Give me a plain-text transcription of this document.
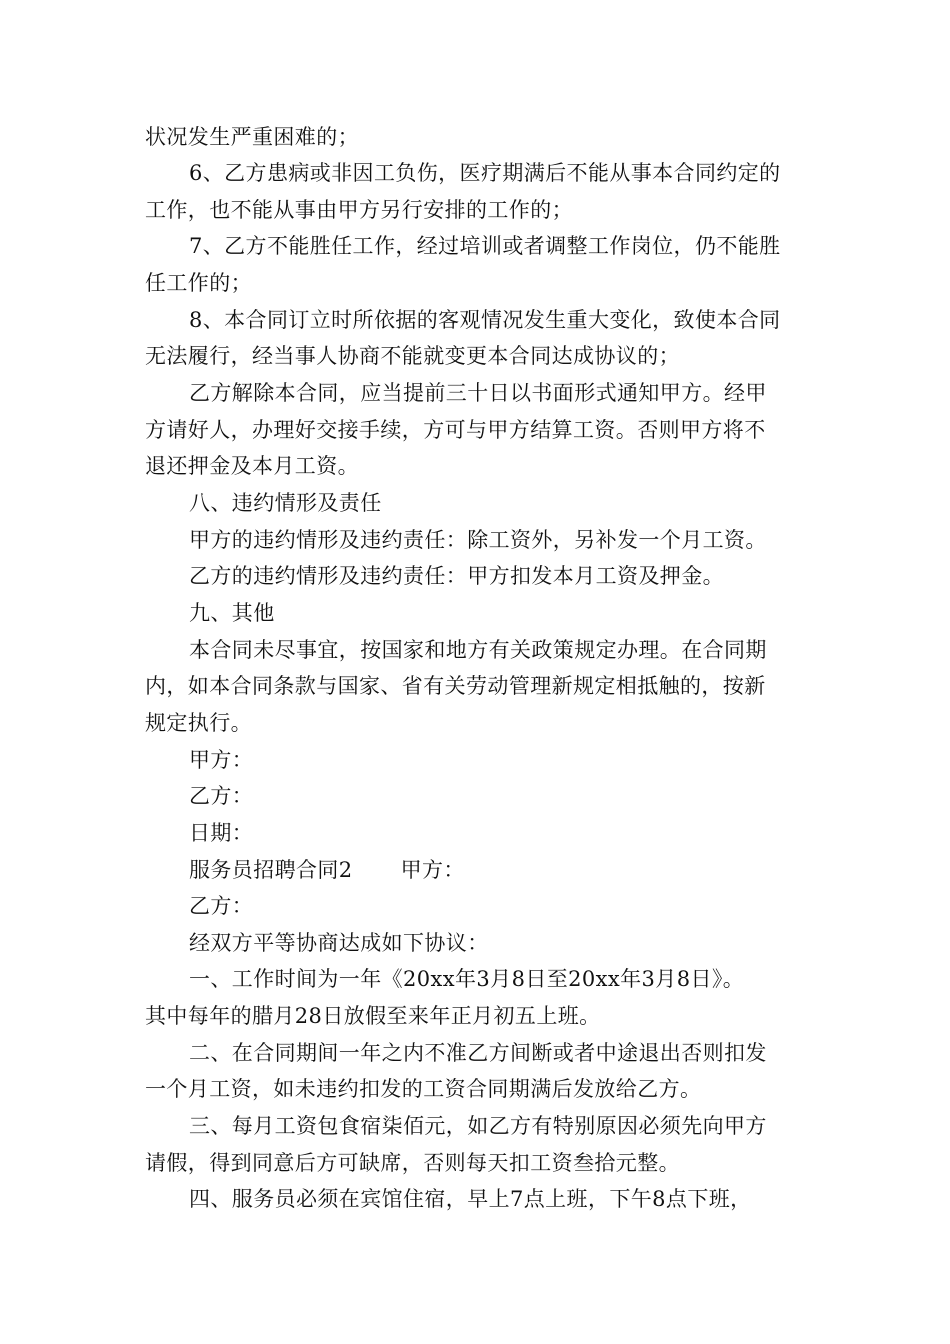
状况发生严重困难的；
6、乙方患病或非因工负伤，医疗期满后不能从事本合同约定的
工作，也不能从事由甲方另行安排的工作的；
7、乙方不能胜任工作，经过培训或者调整工作岗位，仍不能胜
任工作的；
8、本合同订立时所依据的客观情况发生重大变化，致使本合同
无法履行，经当事人协商不能就变更本合同达成协议的；
乙方解除本合同，应当提前三十日以书面形式通知甲方。经甲
方请好人，办理好交接手续，方可与甲方结算工资。否则甲方将不
退还押金及本月工资。
八、违约情形及责任
甲方的违约情形及违约责任：除工资外，另补发一个月工资。
乙方的违约情形及违约责任：甲方扣发本月工资及押金。
九、其他
本合同未尽事宜，按国家和地方有关政策规定办理。在合同期
内，如本合同条款与国家、省有关劳动管理新规定相抵触的，按新
规定执行。
甲方：
乙方：
日期：
服务员招聘合同2 甲方：
乙方：
经双方平等协商达成如下协议：
一、工作时间为一年《20xx年3月8日至20xx年3月8日》。
其中每年的腊月28日放假至来年正月初五上班。
二、在合同期间一年之内不准乙方间断或者中途退出否则扣发
一个月工资，如未违约扣发的工资合同期满后发放给乙方。
三、每月工资包食宿柒佰元，如乙方有特别原因必须先向甲方
请假，得到同意后方可缺席，否则每天扣工资叁拾元整。
四、服务员必须在宾馆住宿，早上7点上班，下午8点下班，
